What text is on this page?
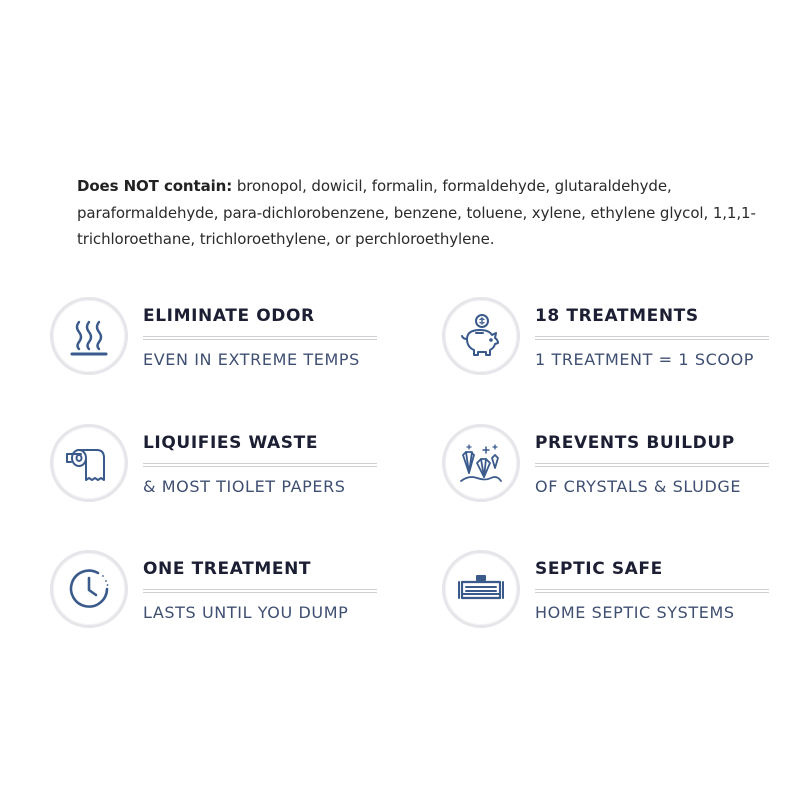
Does NOT contain: bronopol, dowicil, formalin, formaldehyde, glutaraldehyde, paraformaldehyde, para-dichlorobenzene, benzene, toluene, xylene, ethylene glycol, 1,1,1-trichloroethane, trichloroethylene, or perchloroethylene.
ELIMINATE ODOR
EVEN IN EXTREME TEMPS
18 TREATMENTS
1 TREATMENT = 1 SCOOP
LIQUIFIES WASTE
& MOST TIOLET PAPERS
PREVENTS BUILDUP
OF CRYSTALS & SLUDGE
ONE TREATMENT
LASTS UNTIL YOU DUMP
SEPTIC SAFE
HOME SEPTIC SYSTEMS
